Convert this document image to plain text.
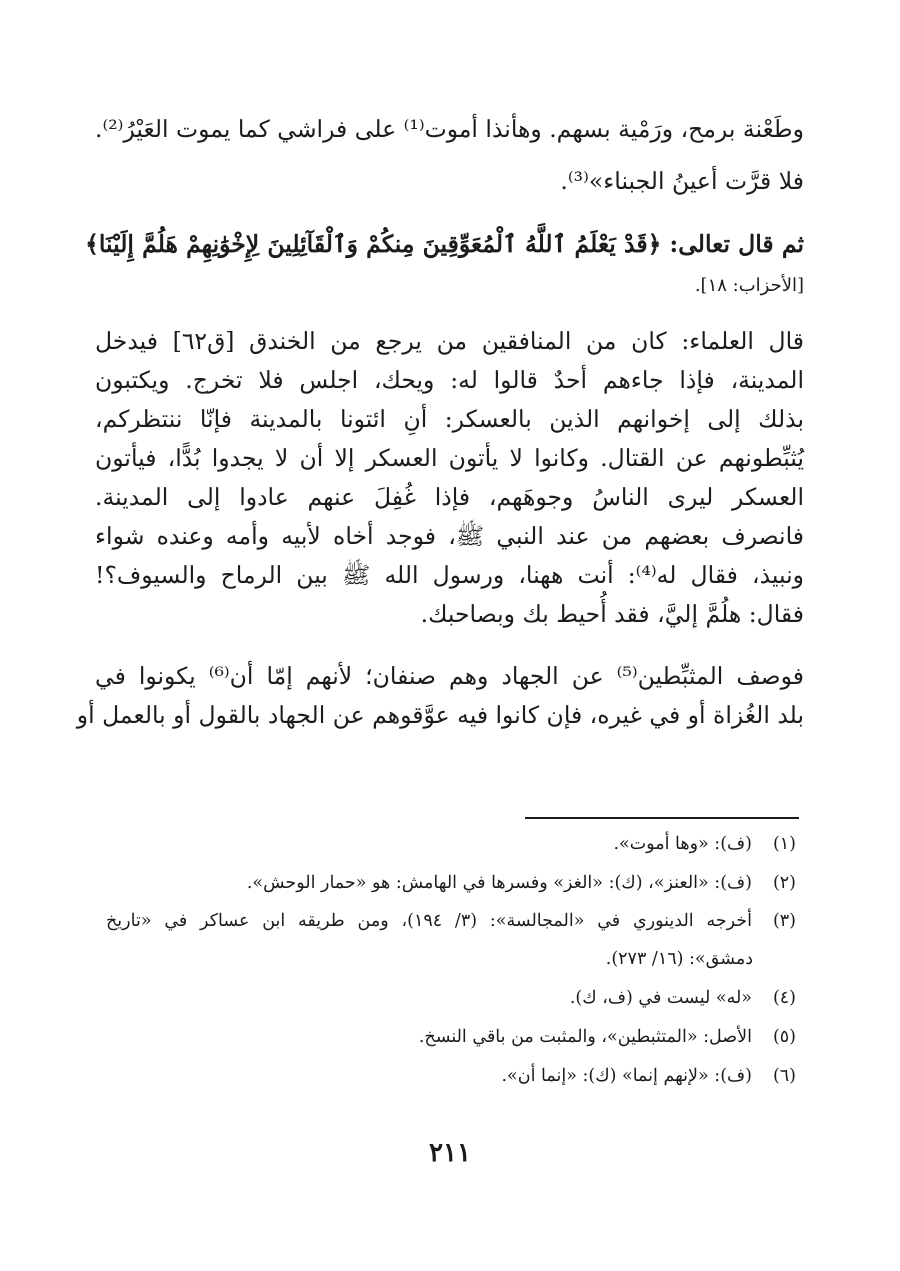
وطَعْنة برمح، ورَمْية بسهم. وهأنذا أموت⁽¹⁾ على فراشي كما يموت العَيْرُ⁽²⁾.
فلا قرَّت أعينُ الجبناء»⁽³⁾.
ثم قال تعالى: ﴿قَدْ يَعْلَمُ ٱللَّهُ ٱلْمُعَوِّقِينَ مِنكُمْ وَٱلْقَآئِلِينَ لِإِخْوَٰنِهِمْ هَلُمَّ إِلَيْنَا﴾
[الأحزاب: ١٨].
قال العلماء: كان من المنافقين من يرجع من الخندق [ق٦٢] فيدخل
المدينة، فإذا جاءهم أحدٌ قالوا له: ويحك، اجلس فلا تخرج. ويكتبون
بذلك إلى إخوانهم الذين بالعسكر: أنِ ائتونا بالمدينة فإنّا ننتظركم،
يُثبِّطونهم عن القتال. وكانوا لا يأتون العسكر إلا أن لا يجدوا بُدًّا، فيأتون
العسكر ليرى الناسُ وجوهَهم، فإذا غُفِلَ عنهم عادوا إلى المدينة.
فانصرف بعضهم من عند النبي ﷺ، فوجد أخاه لأبيه وأمه وعنده شواء
ونبيذ، فقال له⁽⁴⁾: أنت ههنا، ورسول الله ﷺ بين الرماح والسيوف؟!
فقال: هلُمَّ إليَّ، فقد أُحيط بك وبصاحبك.
فوصف المثبِّطين⁽⁵⁾ عن الجهاد وهم صنفان؛ لأنهم إمّا أن⁽⁶⁾ يكونوا في
بلد الغُزاة أو في غيره، فإن كانوا فيه عوَّقوهم عن الجهاد بالقول أو بالعمل أو
(١)(ف): «وها أموت».
(٢)(ف): «العنز»، (ك): «الغز» وفسرها في الهامش: هو «حمار الوحش».
(٣)أخرجه الدينوري في «المجالسة»: (٣/ ١٩٤)، ومن طريقه ابن عساكر في «تاريخ
دمشق»: (١٦/ ٢٧٣).
(٤)«له» ليست في (ف، ك).
(٥)الأصل: «المتثبطين»، والمثبت من باقي النسخ.
(٦)(ف): «لإنهم إنما» (ك): «إنما أن».
٢١١
